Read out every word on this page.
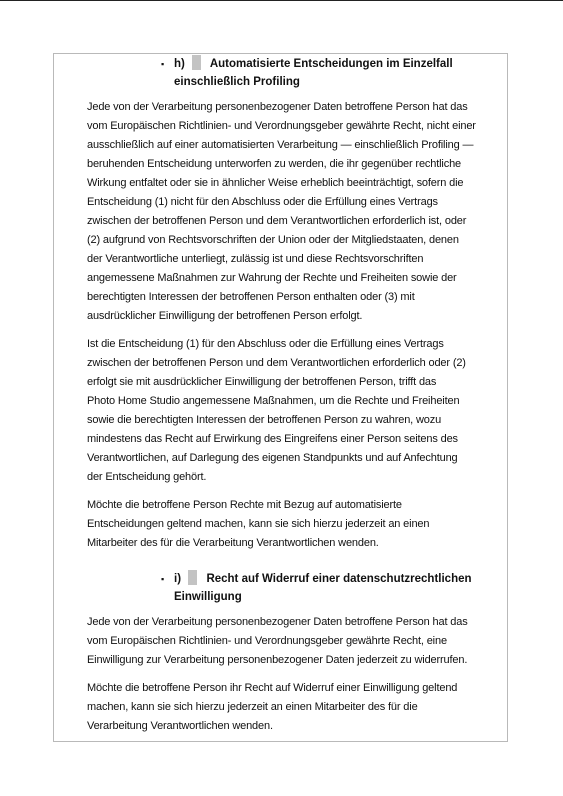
▪ h) Automatisierte Entscheidungen im Einzelfall
einschließlich Profiling

Jede von der Verarbeitung personenbezogener Daten betroffene Person hat das
vom Europäischen Richtlinien- und Verordnungsgeber gewährte Recht, nicht einer
ausschließlich auf einer automatisierten Verarbeitung — einschließlich Profiling —
beruhenden Entscheidung unterworfen zu werden, die ihr gegenüber rechtliche
Wirkung entfaltet oder sie in ähnlicher Weise erheblich beeinträchtigt, sofern die
Entscheidung (1) nicht für den Abschluss oder die Erfüllung eines Vertrags
zwischen der betroffenen Person und dem Verantwortlichen erforderlich ist, oder
(2) aufgrund von Rechtsvorschriften der Union oder der Mitgliedstaaten, denen
der Verantwortliche unterliegt, zulässig ist und diese Rechtsvorschriften
angemessene Maßnahmen zur Wahrung der Rechte und Freiheiten sowie der
berechtigten Interessen der betroffenen Person enthalten oder (3) mit
ausdrücklicher Einwilligung der betroffenen Person erfolgt.

Ist die Entscheidung (1) für den Abschluss oder die Erfüllung eines Vertrags
zwischen der betroffenen Person und dem Verantwortlichen erforderlich oder (2)
erfolgt sie mit ausdrücklicher Einwilligung der betroffenen Person, trifft das
Photo Home Studio angemessene Maßnahmen, um die Rechte und Freiheiten
sowie die berechtigten Interessen der betroffenen Person zu wahren, wozu
mindestens das Recht auf Erwirkung des Eingreifens einer Person seitens des
Verantwortlichen, auf Darlegung des eigenen Standpunkts und auf Anfechtung
der Entscheidung gehört.

Möchte die betroffene Person Rechte mit Bezug auf automatisierte
Entscheidungen geltend machen, kann sie sich hierzu jederzeit an einen
Mitarbeiter des für die Verarbeitung Verantwortlichen wenden.

▪ i) Recht auf Widerruf einer datenschutzrechtlichen
Einwilligung

Jede von der Verarbeitung personenbezogener Daten betroffene Person hat das
vom Europäischen Richtlinien- und Verordnungsgeber gewährte Recht, eine
Einwilligung zur Verarbeitung personenbezogener Daten jederzeit zu widerrufen.

Möchte die betroffene Person ihr Recht auf Widerruf einer Einwilligung geltend
machen, kann sie sich hierzu jederzeit an einen Mitarbeiter des für die
Verarbeitung Verantwortlichen wenden.
